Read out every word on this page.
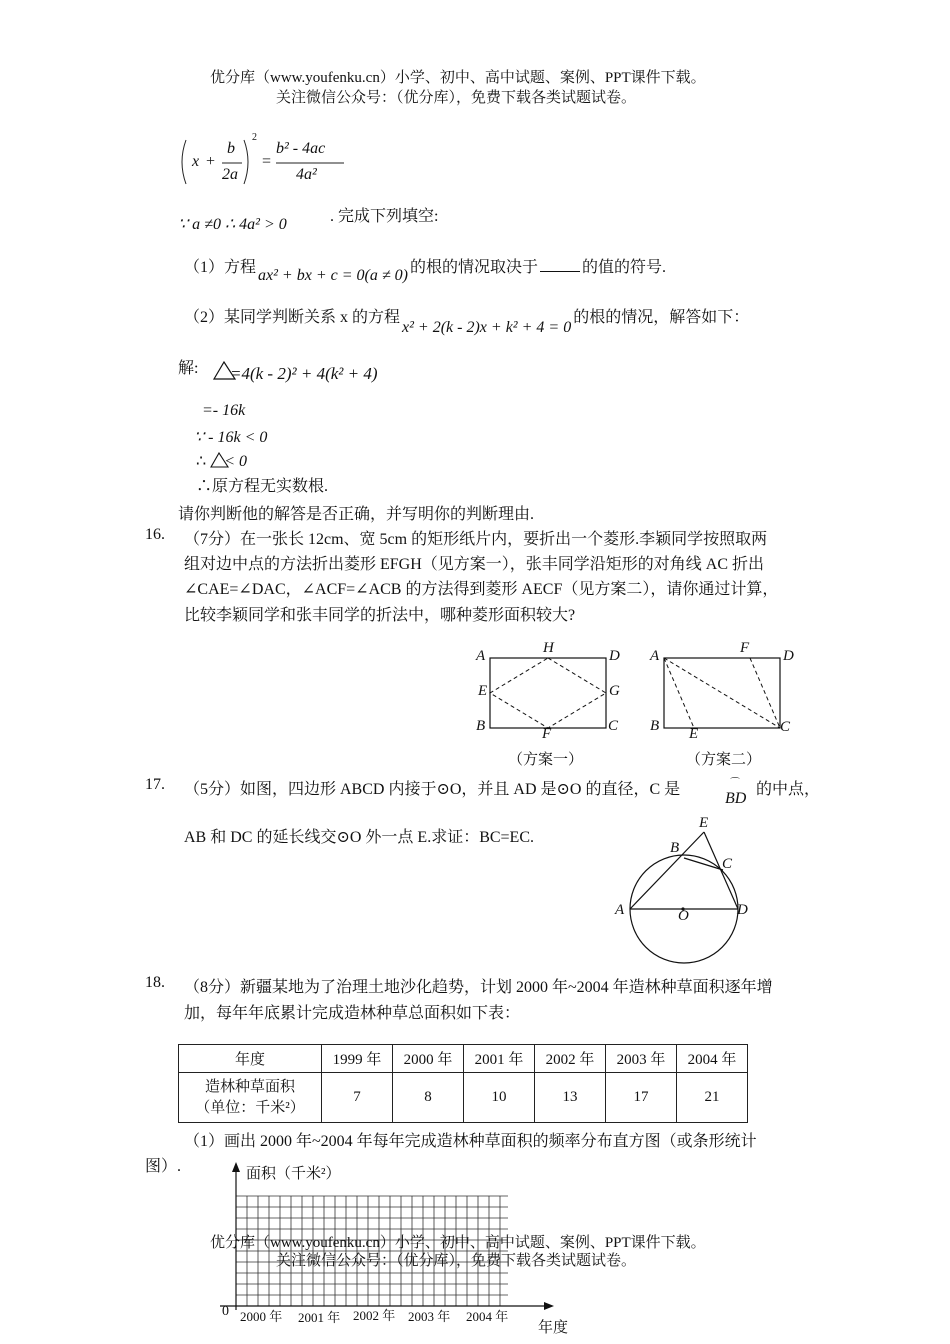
优分库（www.youfenku.cn）小学、初中、高中试题、案例、PPT课件下载。
关注微信公众号：（优分库），免费下载各类试题试卷。
x +
b
2a
2
=
b² - 4ac
4a²
∵ a ≠0 ∴ 4a² > 0	. 完成下列填空:
（1）方程 ax² + bx + c = 0(a ≠ 0) 的根的情况取决于	的值的符号.
（2）某同学判断关系 x 的方程x² + 2(k - 2)x + k² + 4 = 0的根的情况，解答如下：
解: =4(k - 2)² + 4(k² + 4)
=- 16k
∵ - 16k < 0
∴ < 0
∴原方程无实数根.
请你判断他的解答是否正确，并写明你的判断理由.
16. （7分）在一张长 12cm、宽 5cm 的矩形纸片内，要折出一个菱形.李颖同学按照取两
组对边中点的方法折出菱形 EFGH（见方案一），张丰同学沿矩形的对角线 AC 折出
∠CAE=∠DAC，∠ACF=∠ACB 的方法得到菱形 AECF（见方案二），请你通过计算，
比较李颖同学和张丰同学的折法中，哪种菱形面积较大?
A	H	D
E	G
B	F	C
（方案一）
A	F D
B E	C
（方案二）
17. （5分）如图，四边形 ABCD 内接于⊙O，并且 AD 是⊙O 的直径，C 是	⌒
BD
的中点，
AB 和 DC 的延长线交⊙O 外一点 E.求证：BC=EC.
E
B
C
A	O	D
18. （8分）新疆某地为了治理土地沙化趋势，计划 2000 年~2004 年造林种草面积逐年增
加，每年年底累计完成造林种草总面积如下表：
年度	1999 年	2000 年	2001 年	2002 年	2003 年	2004 年

造林种草面积
（单位：千米²）	7	8	10	13	17	21
（1）画出 2000 年~2004 年每年完成造林种草面积的频率分布直方图（或条形统计
图）.	面积（千米²）
0 2000 年 2001 年 2002 年 2003 年 2004 年
年度
优分库（www.youfenku.cn）小学、初中、高中试题、案例、PPT课件下载。
关注微信公众号：（优分库），免费下载各类试题试卷。
